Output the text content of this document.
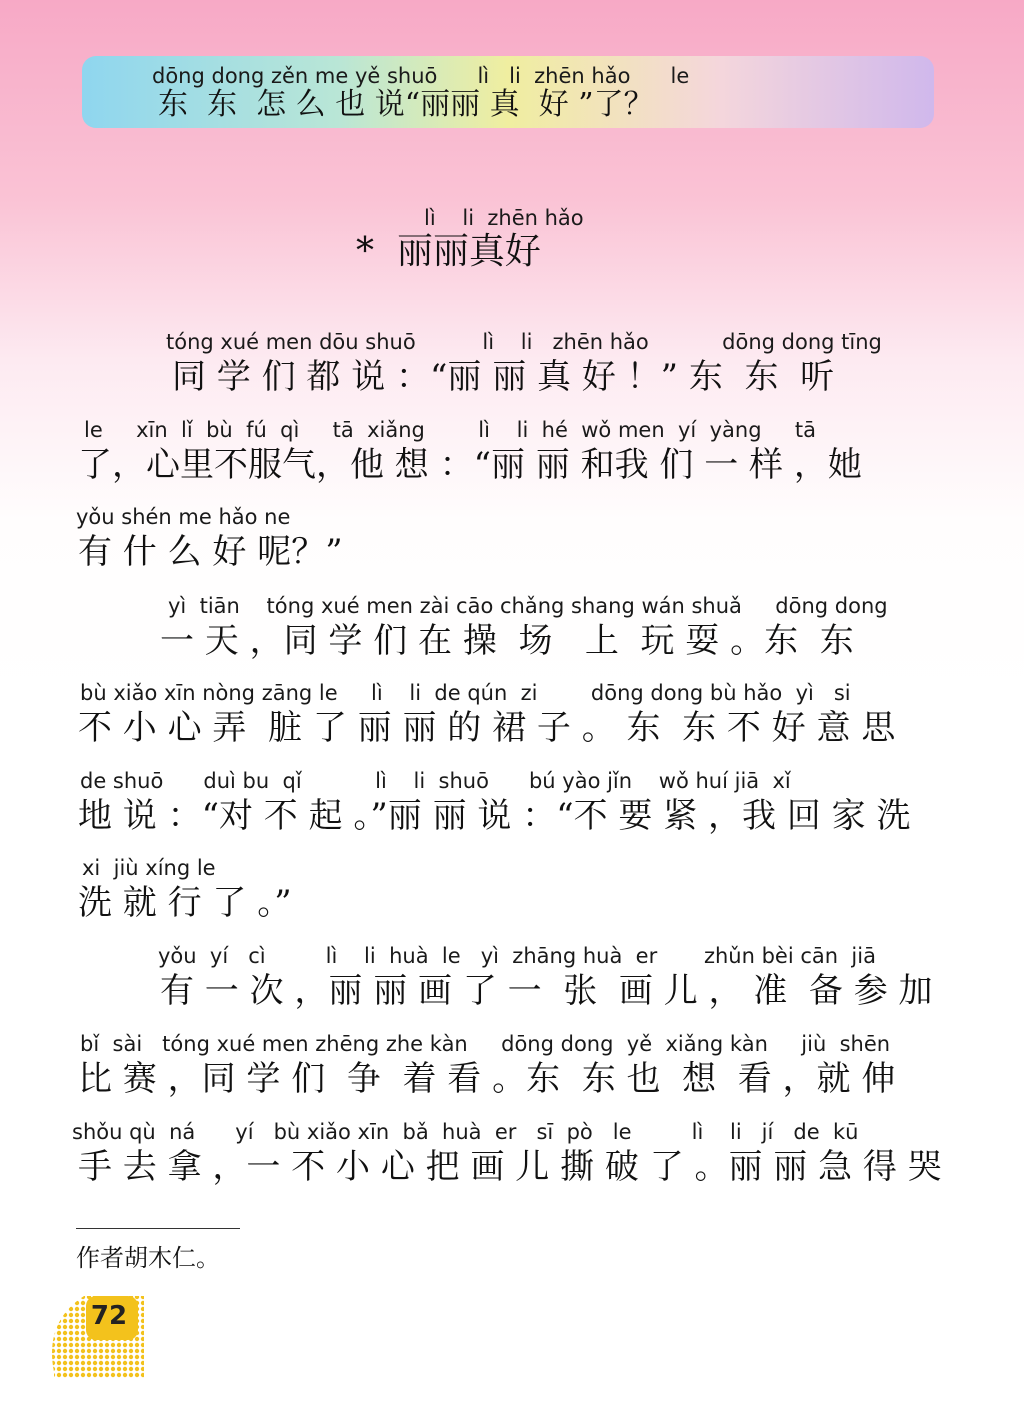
dōng dong zěn me yě shuō      lì   li  zhēn hǎo      le
东  东  怎 么 也 说“丽丽 真  好 ”了？
lì    li  zhēn hǎo
*  丽丽真好
tóng xué men dōu shuō          lì    li   zhēn hǎo           dōng dong tīng
同 学 们 都 说 ：“丽 丽 真 好 ！” 东  东  听
le     xīn  lǐ  bù  fú  qì     tā  xiǎng        lì    li  hé  wǒ men  yí  yàng     tā
了，心里不服气，他 想 ：“丽 丽 和我 们 一 样 ，她
yǒu shén me hǎo ne
有 什 么 好 呢？”
yì  tiān    tóng xué men zài cāo chǎng shang wán shuǎ     dōng dong
一 天 ，同 学 们 在 操  场   上  玩 耍 。东  东
bù xiǎo xīn nòng zāng le     lì    li  de qún  zi        dōng dong bù hǎo  yì   si
不 小 心 弄  脏 了 丽 丽 的 裙 子 。 东  东 不 好 意 思
de shuō      duì bu  qǐ           lì    li  shuō      bú yào jǐn    wǒ huí jiā  xǐ
地 说 ：“对 不 起 。”丽 丽 说 ：“不 要 紧 ，我 回 家 洗
xi  jiù xíng le
洗 就 行 了 。”
yǒu  yí   cì         lì    li  huà  le   yì  zhāng huà  er       zhǔn bèi cān  jiā
有 一 次 ，丽 丽 画 了 一  张  画 儿 ， 准  备 参 加
bǐ  sài   tóng xué men zhēng zhe kàn     dōng dong  yě  xiǎng kàn     jiù  shēn
比 赛 ，同 学 们  争  着 看 。东  东 也  想  看 ，就 伸
shǒu qù  ná      yí   bù xiǎo xīn  bǎ  huà  er   sī  pò   le         lì    li   jí   de  kū
手 去 拿 ，一 不 小 心 把 画 儿 撕 破 了 。丽 丽 急 得 哭
作者胡木仁。
72
